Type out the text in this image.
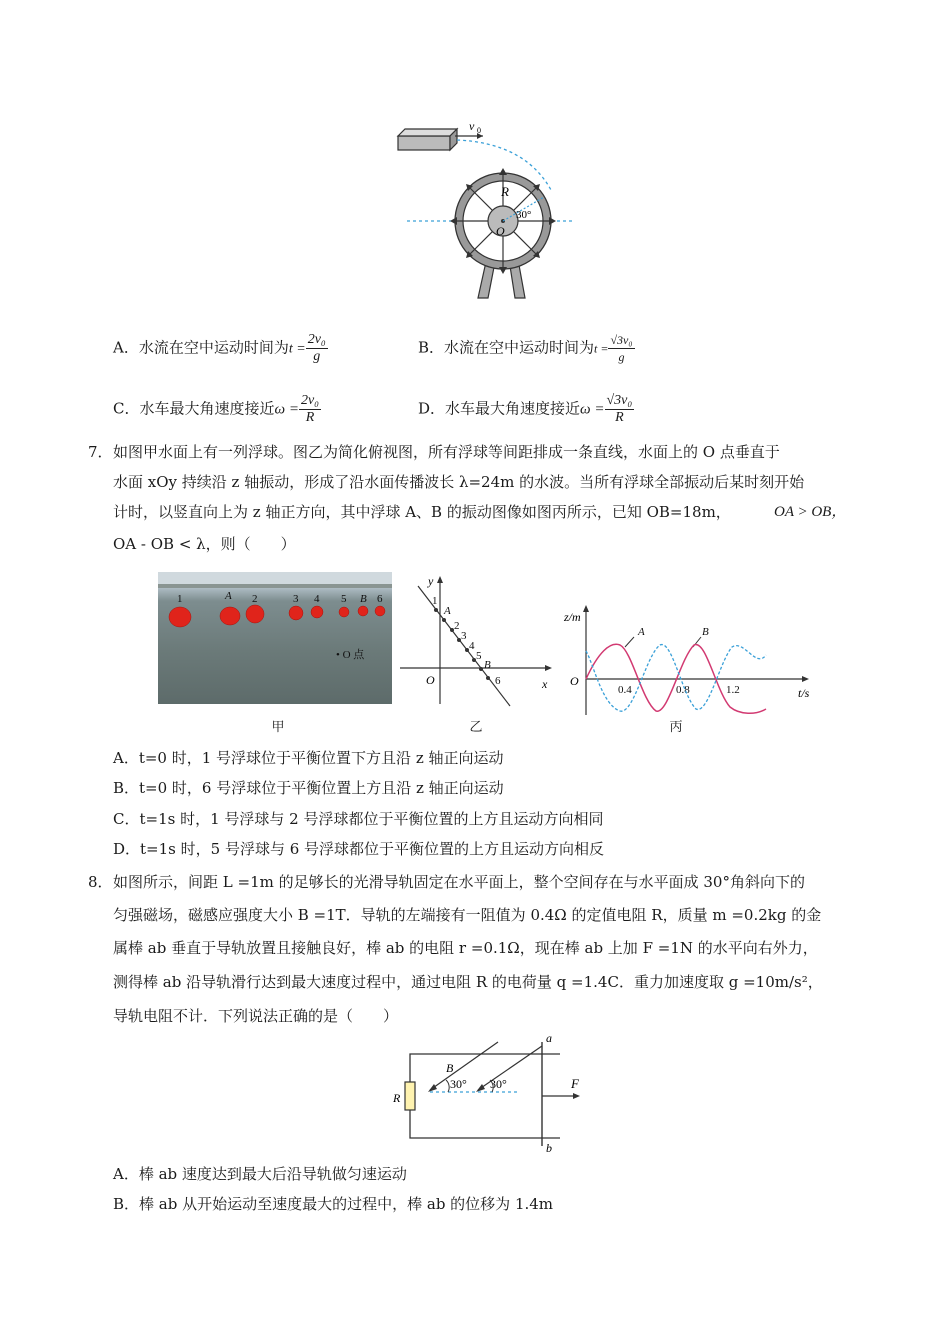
v 0
R
30°
O
A．水流在空中运动时间为$t = \frac{\text{2v₀}}{g}$	B．水流在空中运动时间为$t = \frac{\text{√3v₀}}{g}$
C．水车最大角速度接近$\omega = \frac{\text{2v₀}}{R}$	D．水车最大角速度接近$\omega = \frac{\text{√3v₀}}{R}$
7． 如图甲水面上有一列浮球。图乙为简化俯视图，所有浮球等间距排成一条直线，水面上的 O 点垂直于
水面 xOy 持续沿 z 轴振动，形成了沿水面传播波长 λ=24m 的水波。当所有浮球全部振动后某时刻开始
计时，以竖直向上为 z 轴正方向，其中浮球 A、B 的振动图像如图丙所示，已知 OB=18m，	OA > OB，
OA - OB < λ，则（　　）
1	A 2	3 4 5 B 6
• O 点
甲
y
x
O
1
A
2
3
4
5
B
6
乙
z/m
t/s
O
0.4	0.8	1.2
A	B
丙
A．t=0 时，1 号浮球位于平衡位置下方且沿 z 轴正向运动
B．t=0 时，6 号浮球位于平衡位置上方且沿 z 轴正向运动
C．t=1s 时，1 号浮球与 2 号浮球都位于平衡位置的上方且运动方向相同
D．t=1s 时，5 号浮球与 6 号浮球都位于平衡位置的上方且运动方向相反
8． 如图所示，间距 L =1m 的足够长的光滑导轨固定在水平面上，整个空间存在与水平面成 30°角斜向下的
匀强磁场，磁感应强度大小 B =1T．导轨的左端接有一阻值为 0.4Ω 的定值电阻 R，质量 m =0.2kg 的金
属棒 ab 垂直于导轨放置且接触良好，棒 ab 的电阻 r =0.1Ω，现在棒 ab 上加 F =1N 的水平向右外力，
测得棒 ab 沿导轨滑行达到最大速度过程中，通过电阻 R 的电荷量 q =1.4C．重力加速度取 g =10m/s²，
导轨电阻不计．下列说法正确的是（　　）
R
a
b
F
B
30° 30°
A．棒 ab 速度达到最大后沿导轨做匀速运动
B．棒 ab 从开始运动至速度最大的过程中，棒 ab 的位移为 1.4m
